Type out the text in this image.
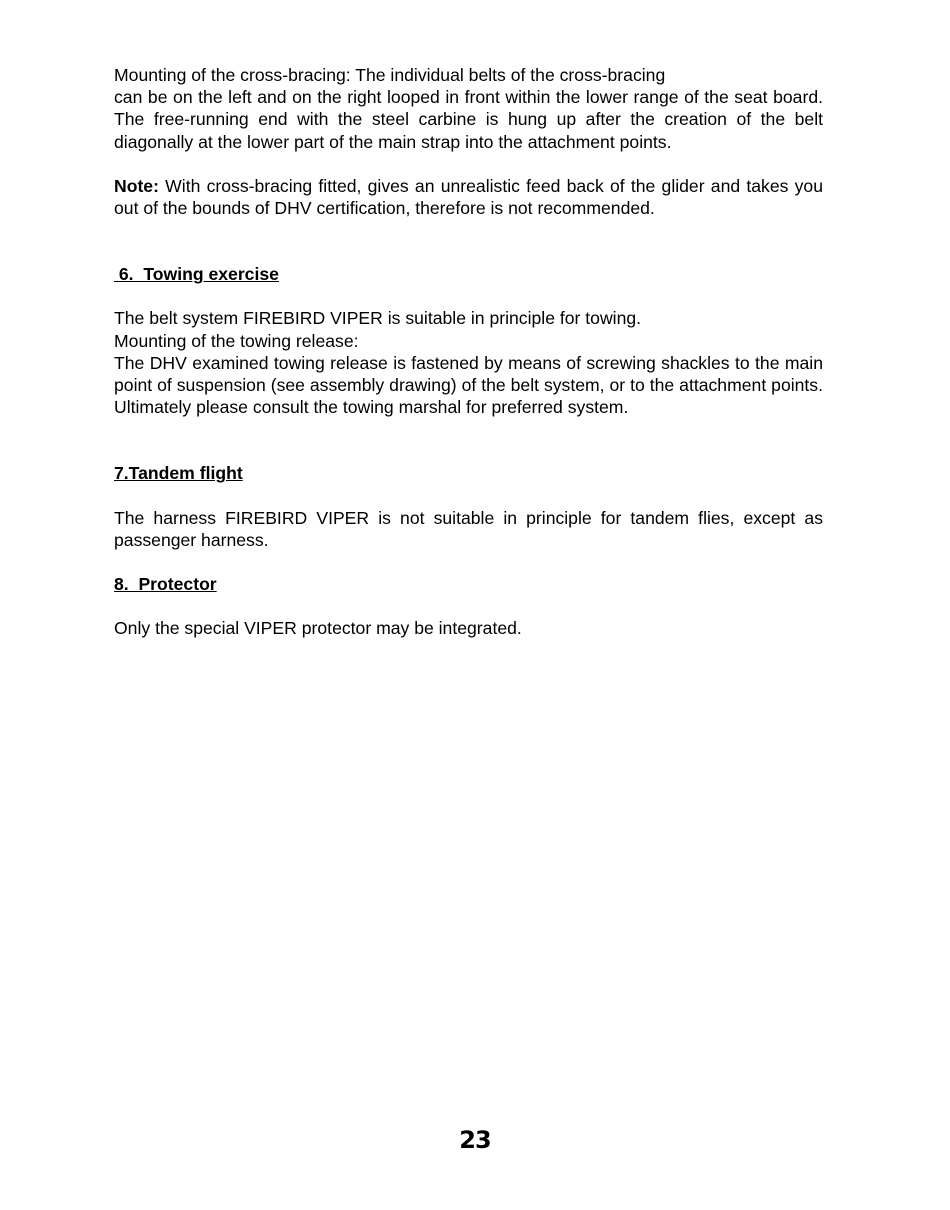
Mounting of the cross-bracing: The individual belts of the cross-bracing
can be on the left and on the right looped in front within the lower range of the seat board. The free-running end with the steel carbine is hung up after the creation of the belt diagonally at the lower part of the main strap into the attachment points.

Note: With cross-bracing fitted, gives an unrealistic feed back of the glider and takes you out of the bounds of DHV certification, therefore is not recommended.

6.  Towing exercise

The belt system FIREBIRD VIPER is suitable in principle for towing.
Mounting of the towing release:
The DHV examined towing release is fastened by means of screwing shackles to the main point of suspension (see assembly drawing) of the belt system, or to the attachment points. Ultimately please consult the towing marshal for preferred system.

7.Tandem flight

The harness FIREBIRD VIPER is not suitable in principle for tandem flies, except as passenger harness.

8.  Protector

Only the special VIPER protector may be integrated.

23
